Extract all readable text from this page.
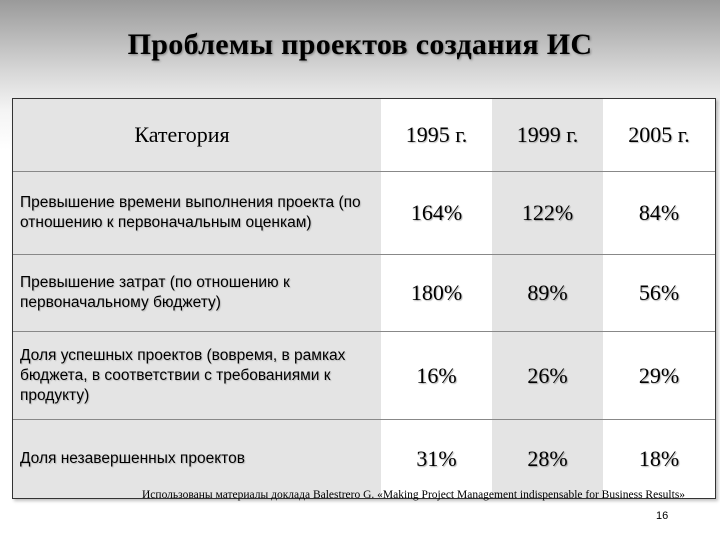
Проблемы проектов создания ИС
Категория	1995 г.	1999 г.	2005 г.
Превышение времени выполнения проекта (по отношению к первоначальным оценкам)	164%	122%	84%
Превышение затрат (по отношению к первоначальному бюджету)	180%	89%	56%
Доля успешных проектов (вовремя, в рамках бюджета, в соответствии с требованиями к продукту)	16%	26%	29%
Доля незавершенных проектов	31%	28%	18%
Использованы материалы доклада Balestrero G. «Making Project Management indispensable for Business Results»
16
